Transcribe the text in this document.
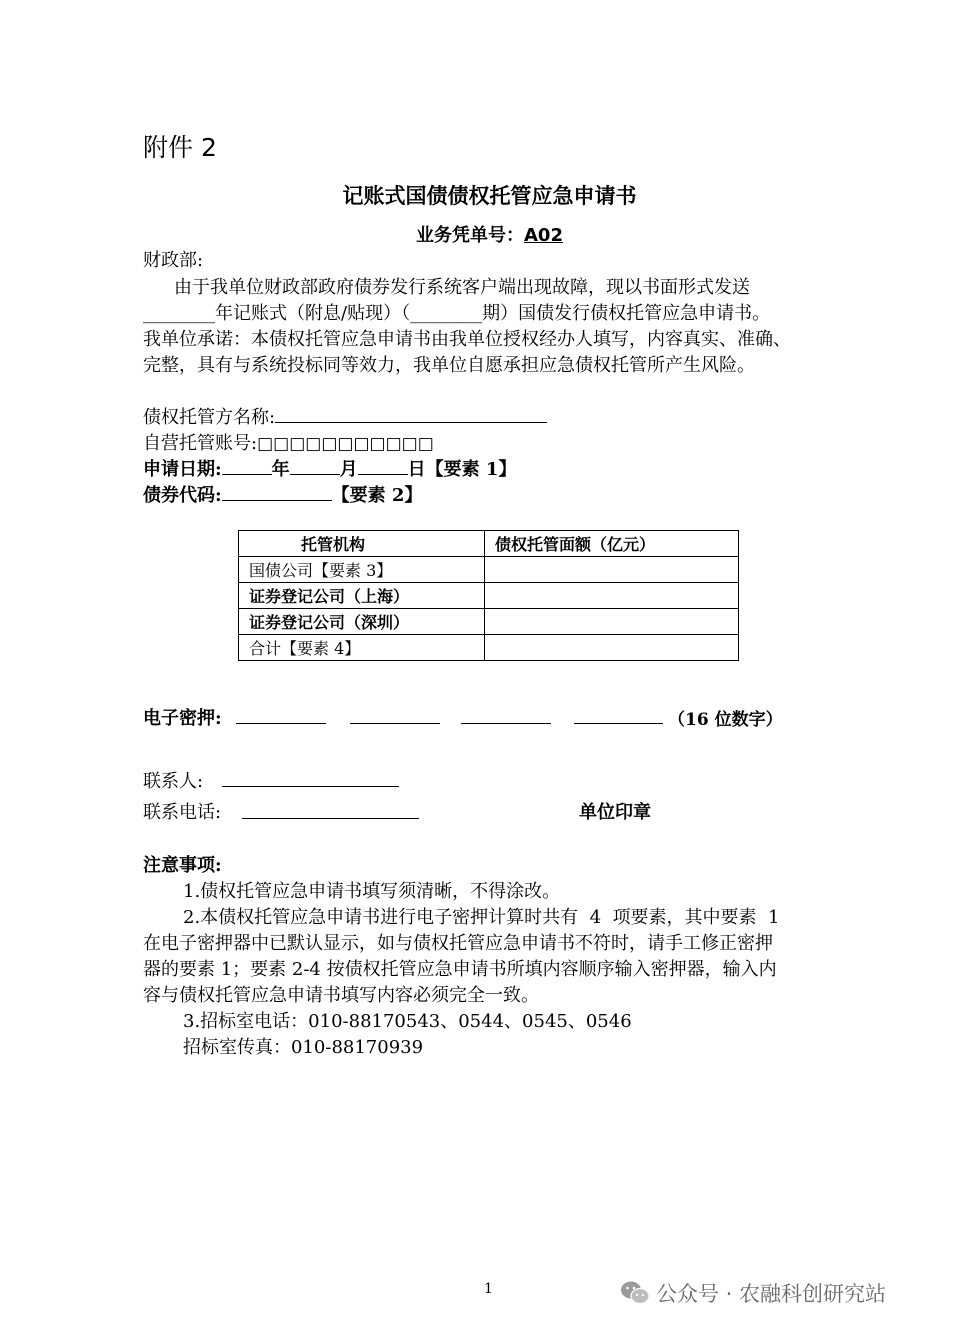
附件 2
记账式国债债权托管应急申请书
业务凭单号：A02
财政部:
由于我单位财政部政府债券发行系统客户端出现故障，现以书面形式发送
________年记账式（附息/贴现）（________期）国债发行债权托管应急申请书。
我单位承诺：本债权托管应急申请书由我单位授权经办人填写，内容真实、准确、
完整，具有与系统投标同等效力，我单位自愿承担应急债权托管所产生风险。
债权托管方名称:
自营托管账号:□□□□□□□□□□□
申请日期:	年	月	日【要素 1】
债券代码:	【要素 2】
托管机构	债权托管面额（亿元）
国债公司【要素 3】	
证券登记公司（上海）	
证券登记公司（深圳）	
合计【要素 4】	
电子密押:	（16 位数字）
联系人:
联系电话:	单位印章
注意事项:
1.债权托管应急申请书填写须清晰，不得涂改。
2.本债权托管应急申请书进行电子密押计算时共有  4  项要素，其中要素  1
在电子密押器中已默认显示，如与债权托管应急申请书不符时，请手工修正密押
器的要素 1；要素 2-4 按债权托管应急申请书所填内容顺序输入密押器，输入内
容与债权托管应急申请书填写内容必须完全一致。
3.招标室电话：010-88170543、0544、0545、0546
招标室传真：010-88170939
1	公众号 · 农融科创研究站
